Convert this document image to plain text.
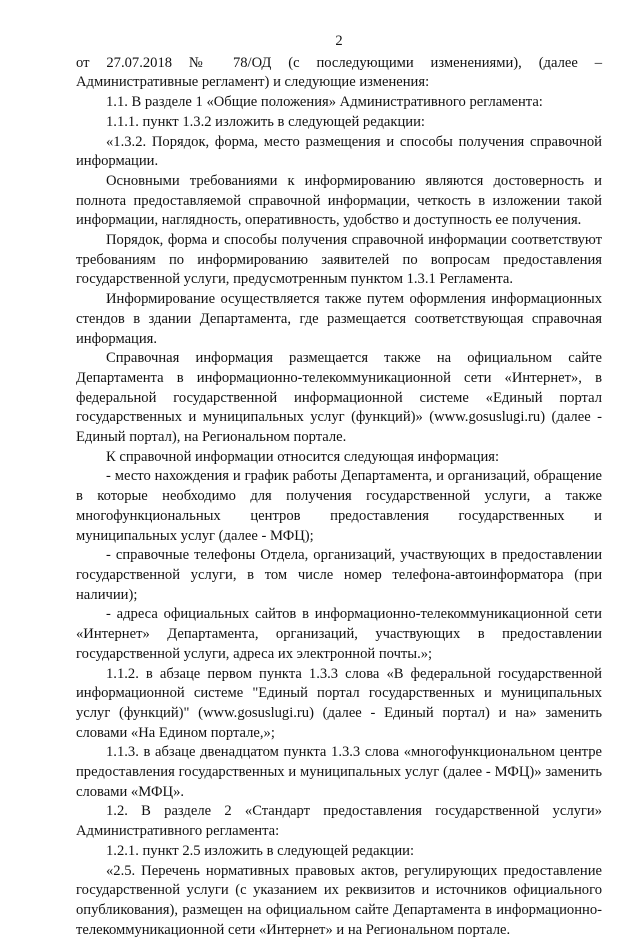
2

от 27.07.2018 № 78/ОД (с последующими изменениями), (далее – Административные регламент) и следующие изменения:

1.1. В разделе 1 «Общие положения» Административного регламента:

1.1.1. пункт 1.3.2 изложить в следующей редакции:

«1.3.2. Порядок, форма, место размещения и способы получения справочной информации.

Основными требованиями к информированию являются достоверность и полнота предоставляемой справочной информации, четкость в изложении такой информации, наглядность, оперативность, удобство и доступность ее получения.

Порядок, форма и способы получения справочной информации соответствуют требованиям по информированию заявителей по вопросам предоставления государственной услуги, предусмотренным пунктом 1.3.1 Регламента.

Информирование осуществляется также путем оформления информационных стендов в здании Департамента, где размещается соответствующая справочная информация.

Справочная информация размещается также на официальном сайте Департамента в информационно-телекоммуникационной сети «Интернет», в федеральной государственной информационной системе «Единый портал государственных и муниципальных услуг (функций)» (www.gosuslugi.ru) (далее - Единый портал), на Региональном портале.

К справочной информации относится следующая информация:

- место нахождения и график работы Департамента, и организаций, обращение в которые необходимо для получения государственной услуги, а также многофункциональных центров предоставления государственных и муниципальных услуг (далее - МФЦ);

- справочные телефоны Отдела, организаций, участвующих в предоставлении государственной услуги, в том числе номер телефона-автоинформатора (при наличии);

- адреса официальных сайтов в информационно-телекоммуникационной сети «Интернет» Департамента, организаций, участвующих в предоставлении государственной услуги, адреса их электронной почты.»;

1.1.2. в абзаце первом пункта 1.3.3 слова «В федеральной государственной информационной системе "Единый портал государственных и муниципальных услуг (функций)" (www.gosuslugi.ru) (далее - Единый портал) и на» заменить словами «На Едином портале,»;

1.1.3. в абзаце двенадцатом пункта 1.3.3 слова «многофункциональном центре предоставления государственных и муниципальных услуг (далее - МФЦ)» заменить словами «МФЦ».

1.2. В разделе 2 «Стандарт предоставления государственной услуги» Административного регламента:

1.2.1. пункт 2.5 изложить в следующей редакции:

«2.5. Перечень нормативных правовых актов, регулирующих предоставление государственной услуги (с указанием их реквизитов и источников официального опубликования), размещен на официальном сайте Департамента в информационно-телекоммуникационной сети «Интернет» и на Региональном портале.
